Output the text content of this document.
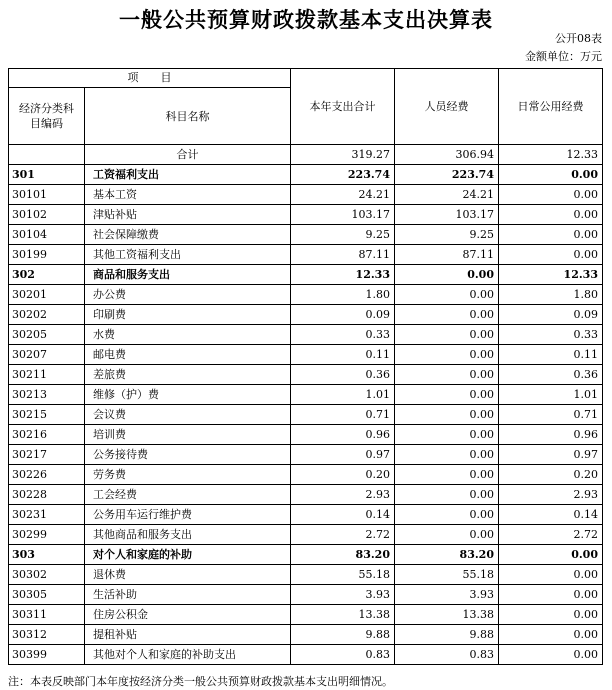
一般公共预算财政拨款基本支出决算表
公开08表
金额单位：万元
项　　目		本年支出合计	人员经费	日常公用经费
经济分类科目编码	科目名称			
	合计	319.27	306.94	12.33
301	工资福利支出	223.74	223.74	0.00
30101	基本工资	24.21	24.21	0.00
30102	津贴补贴	103.17	103.17	0.00
30104	社会保障缴费	9.25	9.25	0.00
30199	其他工资福利支出	87.11	87.11	0.00
302	商品和服务支出	12.33	0.00	12.33
30201	办公费	1.80	0.00	1.80
30202	印刷费	0.09	0.00	0.09
30205	水费	0.33	0.00	0.33
30207	邮电费	0.11	0.00	0.11
30211	差旅费	0.36	0.00	0.36
30213	维修（护）费	1.01	0.00	1.01
30215	会议费	0.71	0.00	0.71
30216	培训费	0.96	0.00	0.96
30217	公务接待费	0.97	0.00	0.97
30226	劳务费	0.20	0.00	0.20
30228	工会经费	2.93	0.00	2.93
30231	公务用车运行维护费	0.14	0.00	0.14
30299	其他商品和服务支出	2.72	0.00	2.72
303	对个人和家庭的补助	83.20	83.20	0.00
30302	退休费	55.18	55.18	0.00
30305	生活补助	3.93	3.93	0.00
30311	住房公积金	13.38	13.38	0.00
30312	提租补贴	9.88	9.88	0.00
30399	其他对个人和家庭的补助支出	0.83	0.83	0.00
注：本表反映部门本年度按经济分类一般公共预算财政拨款基本支出明细情况。
